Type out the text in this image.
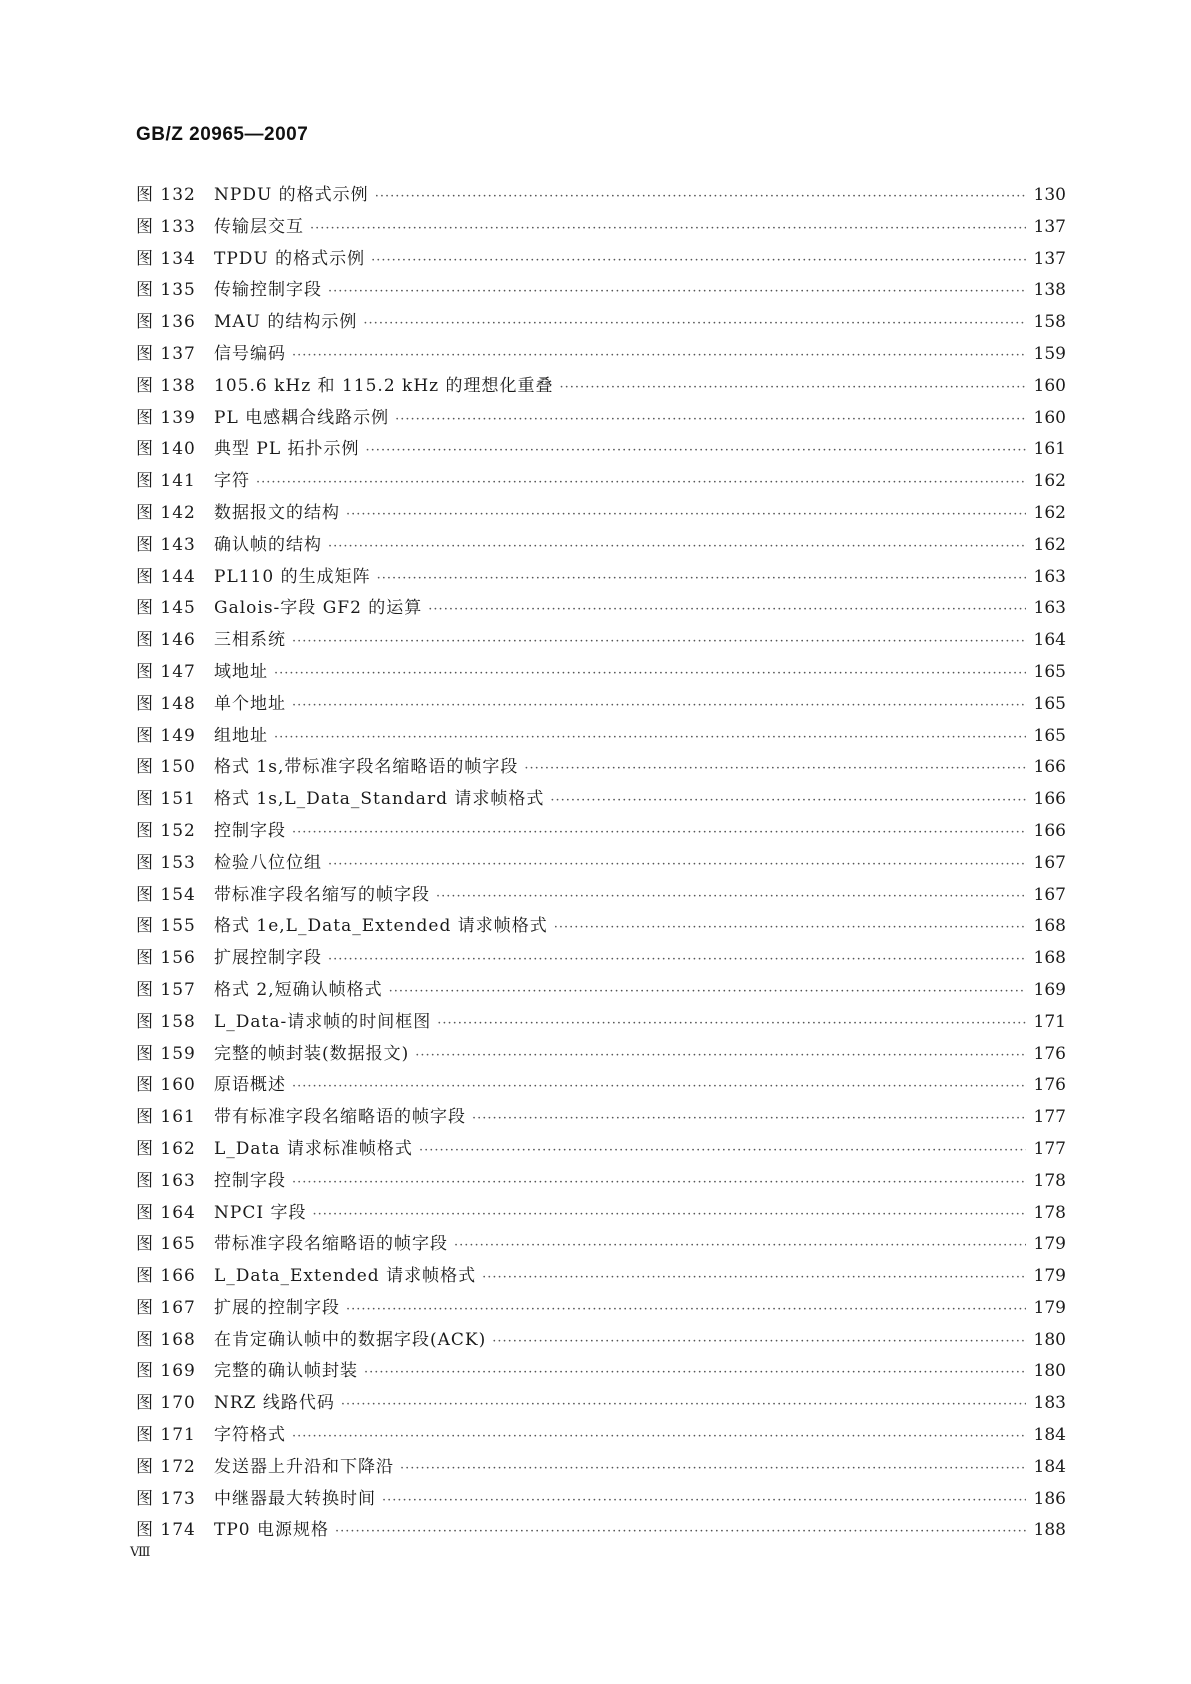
GB/Z 20965—2007
图 132	NPDU 的格式示例 ·····	130
图 133	传输层交互 ·····	137
图 134	TPDU 的格式示例 ·····	137
图 135	传输控制字段 ·····	138
图 136	MAU 的结构示例 ·····	158
图 137	信号编码 ·····	159
图 138	105.6 kHz 和 115.2 kHz 的理想化重叠 ·····	160
图 139	PL 电感耦合线路示例 ·····	160
图 140	典型 PL 拓扑示例 ·····	161
图 141	字符 ·····	162
图 142	数据报文的结构 ·····	162
图 143	确认帧的结构 ·····	162
图 144	PL110 的生成矩阵 ·····	163
图 145	Galois-字段 GF2 的运算 ·····	163
图 146	三相系统 ·····	164
图 147	域地址 ·····	165
图 148	单个地址 ·····	165
图 149	组地址 ·····	165
图 150	格式 1s,带标准字段名缩略语的帧字段 ·····	166
图 151	格式 1s,L_Data_Standard 请求帧格式 ·····	166
图 152	控制字段 ·····	166
图 153	检验八位位组 ·····	167
图 154	带标准字段名缩写的帧字段 ·····	167
图 155	格式 1e,L_Data_Extended 请求帧格式 ·····	168
图 156	扩展控制字段 ·····	168
图 157	格式 2,短确认帧格式 ·····	169
图 158	L_Data-请求帧的时间框图 ·····	171
图 159	完整的帧封装(数据报文) ·····	176
图 160	原语概述 ·····	176
图 161	带有标准字段名缩略语的帧字段 ·····	177
图 162	L_Data 请求标准帧格式 ·····	177
图 163	控制字段 ·····	178
图 164	NPCI 字段 ·····	178
图 165	带标准字段名缩略语的帧字段 ·····	179
图 166	L_Data_Extended 请求帧格式 ·····	179
图 167	扩展的控制字段 ·····	179
图 168	在肯定确认帧中的数据字段(ACK) ·····	180
图 169	完整的确认帧封装 ·····	180
图 170	NRZ 线路代码 ·····	183
图 171	字符格式 ·····	184
图 172	发送器上升沿和下降沿 ·····	184
图 173	中继器最大转换时间 ·····	186
图 174	TP0 电源规格 ·····	188
Ⅷ
